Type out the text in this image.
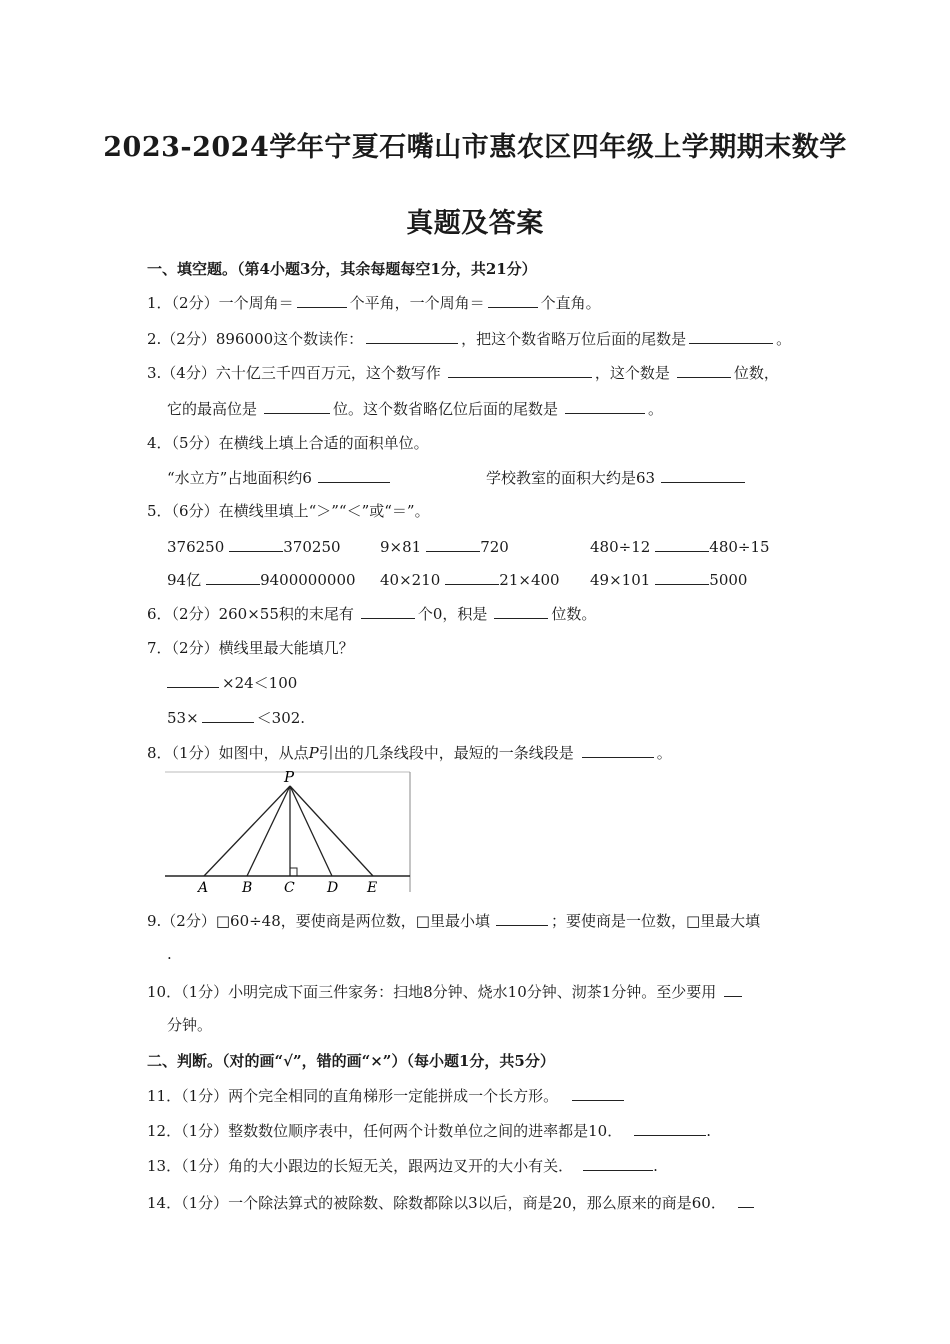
2023-2024学年宁夏石嘴山市惠农区四年级上学期期末数学
真题及答案
一、填空题。（第4小题3分，其余每题每空1分，共21分）
1．（2分）一个周角＝	个平角，一个周角＝	个直角。
2.（2分）896000这个数读作：	，把这个数省略万位后面的尾数是	。
3.（4分）六十亿三千四百万元，这个数写作	，这个数是	位数，
它的最高位是	位。这个数省略亿位后面的尾数是	。
4．（5分）在横线上填上合适的面积单位。
“水立方”占地面积约6	学校教室的面积大约是63
5．（6分）在横线里填上“＞”“＜”或“＝”。
376250	370250	9×81	720	480÷12	480÷15
94亿	9400000000 40×210	21×400 49×101	5000
6．（2分）260×55积的末尾有	个0，积是	位数。
7．（2分）横线里最大能填几？
×24＜100
53×	＜302.
8．（1分）如图中，从点P引出的几条线段中，最短的一条线段是	。
P
A B C D E
9.（2分）□60÷48，要使商是两位数，□里最小填	；要使商是一位数，□里最大填
.
10．（1分）小明完成下面三件家务：扫地8分钟、烧水10分钟、沏茶1分钟。至少要用
分钟。
二、判断。（对的画“√”，错的画“×”）（每小题1分，共5分）
11．（1分）两个完全相同的直角梯形一定能拼成一个长方形。
12．（1分）整数数位顺序表中，任何两个计数单位之间的进率都是10．	.
13．（1分）角的大小跟边的长短无关，跟两边叉开的大小有关．	.
14．（1分）一个除法算式的被除数、除数都除以3以后，商是20，那么原来的商是60．
